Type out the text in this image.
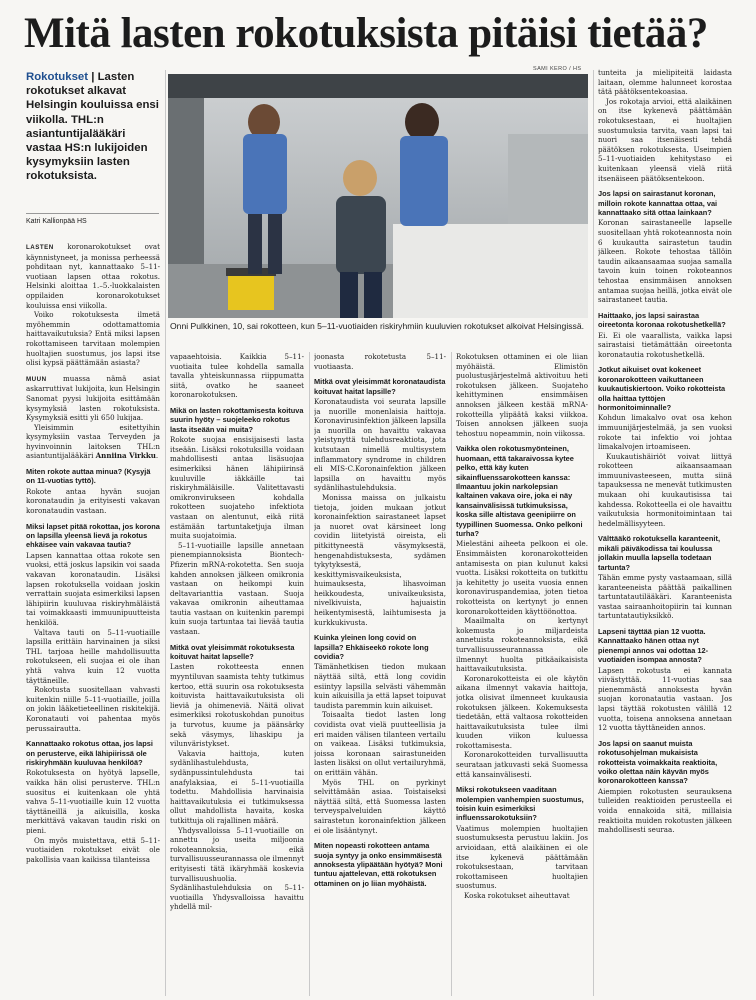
Mitä lasten rokotuksista pitäisi tietää?
Rokotukset | Lasten rokotukset alkavat Helsingin kouluissa ensi viikolla. THL:n asiantuntijalääkäri vastaa HS:n lukijoiden kysymyksiin lasten rokotuksista.
Katri Kallionpää HS
SAMI KERO / HS
Onni Pulkkinen, 10, sai rokotteen, kun 5–11-vuotiaiden riskiryhmiin kuuluvien rokotukset alkoivat Helsingissä.

LASTEN koronarokotukset ovat käynnistyneet, ja monissa perheessä pohditaan nyt, kannattaako 5–11-vuotiaan lapsen ottaa rokotus. Helsinki aloittaa 1.–5.-luokkalaisten oppilaiden koronarokotukset kouluissa ensi viikolla.

Voiko rokotuksesta ilmetä myöhemmin odottamattomia haittavaikutuksia? Entä miksi lapsen rokottamiseen tarvitaan molempien huoltajien suostumus, jos lapsi itse olisi kypsä päättämään asiasta?

MUUN muassa nämä asiat askarruttivat lukijoita, kun Helsingin Sanomat pyysi lukijoita esittämään kysymyksiä lasten rokotuksista. Kysymyksiä esitti yli 650 lukijaa.

Yleisimmin esitettyihin kysymyksiin vastaa Terveyden ja hyvinvoinnin laitoksen THL:n asiantuntijalääkäri Anniina Virkku.

Miten rokote auttaa minua? (Kysyjä on 11-vuotias tyttö).

Rokote antaa hyvän suojan koronataudin ja erityisesti vakavan koronataudin vastaan.

Miksi lapset pitää rokottaa, jos korona on lapsilla yleensä lievä ja rokotus ehkäisee vain vakavaa tautia?

Lapsen kannattaa ottaa rokote sen vuoksi, että joskus lapsikin voi saada vakavan koronataudin. Lisäksi lapsen rokotuksella voidaan joskin verrattain suojata esimerkiksi lapsen lähipiirin kuuluvaa riskiryhmäläistä tai voimakkaasti immuunipuutteista henkilöä.

Valtava tauti on 5–11-vuotiaille lapsilla erittäin harvinainen ja siksi THL tarjoaa heille mahdollisuutta rokotukseen, eli suojaa ei ole ihan yhtä vahva kuin 12 vuotta täyttäneille.

Rokotusta suositellaan vahvasti kuitenkin niille 5–11-vuotiaille, joilla on jokin lääketieteellinen riskitekijä. Koronatauti voi pahentaa myös perussairautta.

Kannattaako rokotus ottaa, jos lapsi on perusterve, eikä lähipiirissä ole riskiryhmään kuuluvaa henkilöä?

Rokotuksesta on hyötyä lapselle, vaikka hän olisi perusterve. THL:n suositus ei kuitenkaan ole yhtä vahva 5–11-vuotiaille kuin 12 vuotta täyttäneillä ja aikuisilla, koska merkittävä vakavan taudin riski on pieni.

On myös muistettava, että 5–11-vuotiaiden rokotukset eivät ole pakollisia vaan kaikissa tilanteissa

vapaaehtoisia. Kaikkia 5–11-vuotiaita tulee kohdella samalla tavalla yhteiskunnassa riippumatta siitä, ovatko he saaneet koronarokotuksen.

Mikä on lasten rokottamisesta koituva suurin hyöty – suojeleeko rokotus lasta itseään vai muita?

Rokote suojaa ensisijaisesti lasta itseään. Lisäksi rokotuksilla voidaan mahdollisesti antaa lisäsuojaa esimerkiksi hänen lähipiirinsä kuuluville iäkkäille tai riskiryhmäläisille. Valitettavasti omikronvirukseen kohdalla rokotteen suojateho infektiota vastaan on alentunut, eikä riitä estämään tartuntaketjuja ilman muita suojatoimia.

5–11-vuotiaille lapsille annetaan pienempiannoksista Biontech-Pfizerin mRNA-rokotetta. Sen suoja kahden annoksen jälkeen omikronia vastaan on heikompi kuin deltavarianttia vastaan. Suoja vakavaa omikronin aiheuttamaa tautia vastaan on kuitenkin parempi kuin suoja tartuntaa tai lievää tautia vastaan.

Mitkä ovat yleisimmät rokotuksesta koituvat haitat lapselle?

Lasten rokotteesta ennen myyntiluvan saamista tehty tutkimus kertoo, että suurin osa rokotuksesta koituvista haittavaikutuksista oli lieviä ja ohimeneviä. Näitä olivat esimerkiksi rokotuskohdan punoitus ja turvotus, kuume ja päänsärky sekä väsymys, lihaskipu ja vilunväristykset.

Vakavia haittoja, kuten sydänlihastulehdusta, sydänpussintulehdusta tai anafylaksiaa, ei 5–11-vuotiailla todettu. Mahdollisia harvinaisia haittavaikutuksia ei tutkimuksessa ollut mahdollista havaita, koska tutkittuja oli rajallinen määrä.

Yhdysvalloissa 5–11-vuotiaille on annettu jo useita miljoonia rokoteannoksia, eikä turvallisuusseurannassa ole ilmennyt erityisesti tätä ikäryhmää koskevia turvallisuushuolia. Sydänlihastulehduksia on 5–11-vuotiailla Yhdysvalloissa havaittu yhdellä mil-

joonasta rokotetusta 5–11-vuotiaasta.

Mitkä ovat yleisimmät koronataudista koituvat haitat lapsille?

Koronataudista voi seurata lapsille ja nuorille monenlaisia haittoja. Koronavirusinfektion jälkeen lapsilla ja nuorilla on havaittu vakavaa yleistynyttä tulehdusreaktiota, jota kutsutaan nimellä multisystem inflammatory syndrome in children eli MIS-C.Koronainfektion jälkeen lapsilla on havaittu myös sydänlihastulehduksia.

Monissa maissa on julkaistu tietoja, joiden mukaan jotkut koronainfektion sairastaneet lapset ja nuoret ovat kärsineet long covidin liitetyistä oireista, eli pitkittyneestä väsymyksestä, hengenahdistuksesta, sydämen tykytyksestä, keskittymisvaikeuksista, huimauksesta, lihasvoiman heikkoudesta, univaikeuksista, nivelkivuista, hajuaistin heikentymisestä, laihtumisesta ja kurkkukivusta.

Kuinka yleinen long covid on lapsilla? Ehkäiseekö rokote long covidia?

Tämänhetkisen tiedon mukaan näyttää siltä, että long covidin esiintyy lapsilla selvästi vähemmän kuin aikuisilla ja että lapset toipuvat taudista paremmin kuin aikuiset.

Toisaalta tiedot lasten long covidista ovat vielä puutteellisia ja eri maiden välisen tilanteen vertailu on vaikeaa. Lisäksi tutkimuksia, joissa koronaan sairastuneiden lasten lisäksi on ollut vertailuryhmä, on erittäin vähän.

Myös THL on pyrkinyt selvittämään asiaa. Toistaiseksi näyttää siltä, että Suomessa lasten terveyspalveluiden käyttö sairastetun koronainfektion jälkeen ei ole lisääntynyt.

Miten nopeasti rokotteen antama suoja syntyy ja onko ensimmäisestä annoksesta ylipäätään hyötyä? Moni tuntuu ajattelevan, että rokotuksen ottaminen on jo liian myöhäistä.

Rokotuksen ottaminen ei ole liian myöhäistä. Elimistön puolustusjärjestelmä aktivoituu heti rokotuksen jälkeen. Suojateho kehittyminen ensimmäisen annoksen jälkeen kestää mRNA-rokotteilla ylipäätä kaksi viikkoa. Toisen annoksen jälkeen suoja tehostuu nopeammin, noin viikossa.

Vaikka olen rokotusmyönteinen, huomaan, että takaraivossa kytee pelko, että käy kuten sikainfluenssarokotteen kanssa: Ilmaantuu jokin narkolepsian kaltainen vakava oire, joka ei näy kansainvälisissä tutkimuksissa, koska sille altistava geenipiirre on tyypillinen Suomessa. Onko pelkoni turha?

Mielestäni aiheeta pelkoon ei ole. Ensimmäisten koronarokotteiden antamisesta on pian kulunut kaksi vuotta. Lisäksi rokotteita on tutkittu ja kehitetty jo useita vuosia ennen koronaviruspandemiaa, joten tietoa rokotteista on kertynyt jo ennen koronarokotteiden käyttöönottoa.

Maailmalta on kertynyt kokemusta jo miljardeista annetuista rokoteannoksista, eikä turvallisuusseurannassa ole ilmennyt huolta pitkäaikaisista haittavaikutuksista.

Koronarokotteista ei ole käytön aikana ilmennyt vakavia haittoja, jotka olisivat ilmenneet kuukausia rokotuksen jälkeen. Kokemuksesta tiedetään, että valtaosa rokotteiden haittavaikutuksista tulee ilmi kuuden viikon kuluessa rokottamisesta.

Koronarokotteiden turvallisuutta seurataan jatkuvasti sekä Suomessa että kansainvälisesti.

Miksi rokotukseen vaaditaan molempien vanhempien suostumus, toisin kuin esimerkiksi influenssarokotuksiin?

Vaatimus molempien huoltajien suostumuksesta perustuu lakiin. Jos arvioidaan, että alaikäinen ei ole itse kykenevä päättämään rokotuksestaan, tarvitaan rokottamiseen huoltajien suostumus.

Koska rokotukset aiheuttavat

tunteita ja mielipiteitä laidasta laitaan, olemme halunneet korostaa tätä päätöksentekoasiaa.

Jos rokotaja arvioi, että alaikäinen on itse kykenevä päättämään rokotuksestaan, ei huoltajien suostumuksia tarvita, vaan lapsi tai nuori saa itsenäisesti tehdä päätöksen rokotuksesta. Useimpien 5–11-vuotiaiden kehitystaso ei kuitenkaan yleensä vielä riitä itsenäiseen päätöksentekoon.

Jos lapsi on sairastanut koronan, milloin rokote kannattaa ottaa, vai kannattaako sitä ottaa lainkaan?

Koronan sairastaneelle lapselle suositellaan yhtä rokoteannosta noin 6 kuukautta sairastetun taudin jälkeen. Rokote tehostaa tällöin taudin aikaansaamaa suojaa samalla tavoin kuin toinen rokoteannos tehostaa ensimmäisen annoksen antamaa suojaa heillä, jotka eivät ole sairastaneet tautia.

Haittaako, jos lapsi sairastaa oireetonta koronaa rokotushetkellä?

Ei. Ei ole vaarallista, vaikka lapsi sairastaisi tietämättään oireetonta koronatautia rokotushetkellä.

Jotkut aikuiset ovat kokeneet koronarokotteen vaikuttaneen kuukautiskiertoon. Voiko rokotteista olla haittaa tyttöjen hormonitoiminnalle?

Kohdun limakalvo ovat osa kehon immuunijärjestelmää, ja sen vuoksi rokote tai infektio voi johtaa limakalvojen irtoamiseen.

Kuukautishäiriöt voivat liittyä rokotteen aikaansaamaan immuunivasteeseen, mutta siinä tapauksessa ne menevät tutkimusten mukaan ohi kuukautisissa tai kahdessa. Rokotteella ei ole havaittu vaikutuksia hormonitoimintaan tai hedelmällisyyteen.

Välttääkö rokotuksella karanteenit, mikäli päiväkodissa tai koulussa jollakin muulla lapsella todetaan tartunta?

Tähän emme pysty vastaamaan, sillä karanteeneista päättää paikallinen tartuntatautilääkäri. Karanteenista vastaa sairaanhoitopiirin tai kunnan tartuntatautiyksikkö.

Lapseni täyttää pian 12 vuotta. Kannattaako hänen ottaa nyt pienempi annos vai odottaa 12-vuotiaiden isompaa annosta?

Lapsen rokotusta ei kannata viivästyttää. 11-vuotias saa pienemmästä annoksesta hyvän suojan koronatautia vastaan. Jos lapsi täyttää rokotusten välillä 12 vuotta, toisena annoksena annetaan 12 vuotta täyttäneiden annos.

Jos lapsi on saanut muista rokotusohjelman mukaisista rokotteista voimakkaita reaktioita, voiko olettaa näin käyvän myös koronarokotteen kanssa?

Aiempien rokotusten seurauksena tulleiden reaktioiden perusteella ei voida ennakoida sitä, millaisia reaktioita muiden rokotusten jälkeen mahdollisesti seuraa.
